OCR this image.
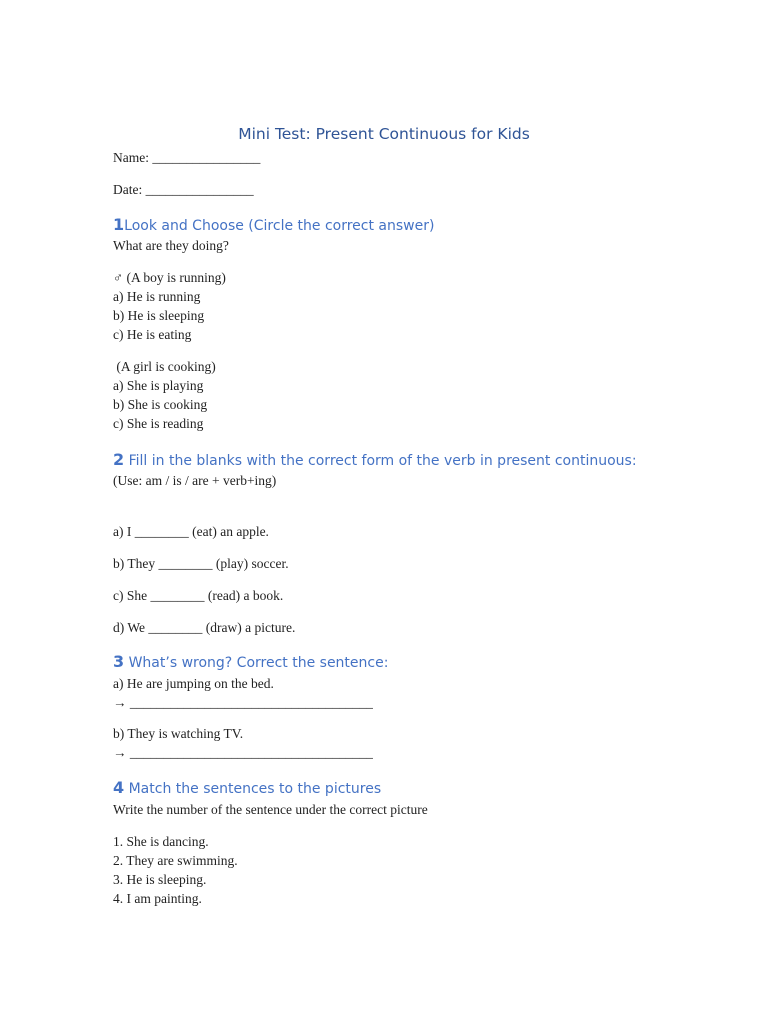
Mini Test: Present Continuous for Kids
Name: ________________
Date: ________________
1Look and Choose (Circle the correct answer)
What are they doing?
♂ (A boy is running)
a) He is running
b) He is sleeping
c) He is eating
(A girl is cooking)
a) She is playing
b) She is cooking
c) She is reading
2 Fill in the blanks with the correct form of the verb in present continuous:
(Use: am / is / are + verb+ing)
a) I ________ (eat) an apple.
b) They ________ (play) soccer.
c) She ________ (read) a book.
d) We ________ (draw) a picture.
3 What’s wrong? Correct the sentence:
a) He are jumping on the bed.
→ ____________________________________
b) They is watching TV.
→ ____________________________________
4 Match the sentences to the pictures
Write the number of the sentence under the correct picture
1. She is dancing.
2. They are swimming.
3. He is sleeping.
4. I am painting.
